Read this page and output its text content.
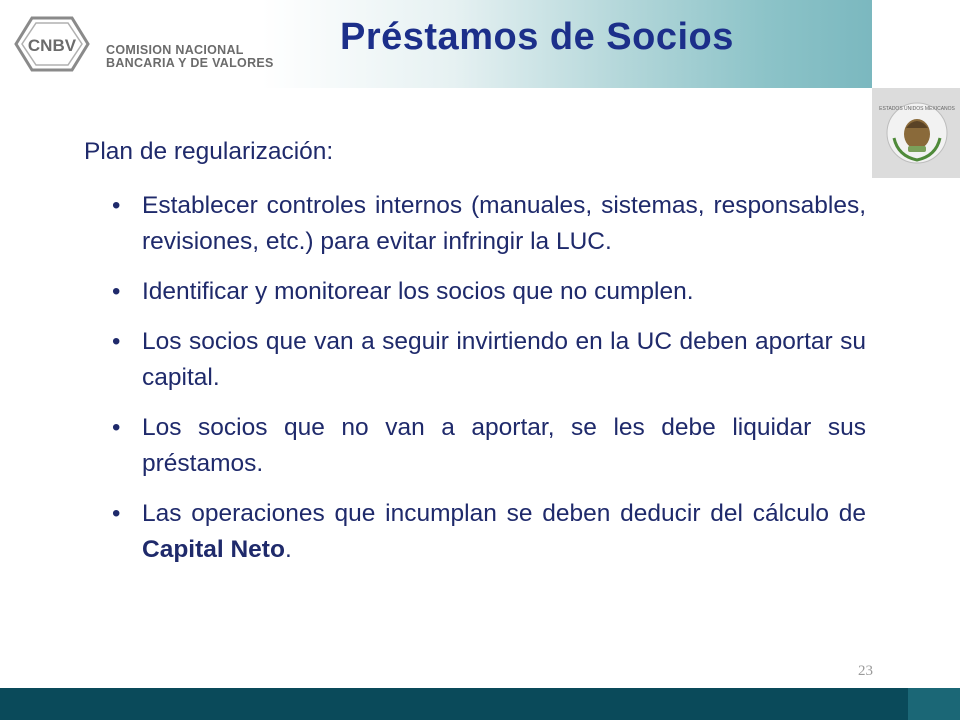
CNBV COMISION NACIONAL
BANCARIA Y DE VALORES
Préstamos de Socios
ESTADOS UNIDOS MEXICANOS

Plan de regularización:

• Establecer controles internos (manuales, sistemas, responsables, revisiones, etc.) para evitar infringir la LUC.
• Identificar y monitorear los socios que no cumplen.
• Los socios que van a seguir invirtiendo en la UC deben aportar su capital.
• Los socios que no van a aportar, se les debe liquidar sus préstamos.
• Las operaciones que incumplan se deben deducir del cálculo de Capital Neto.
23
